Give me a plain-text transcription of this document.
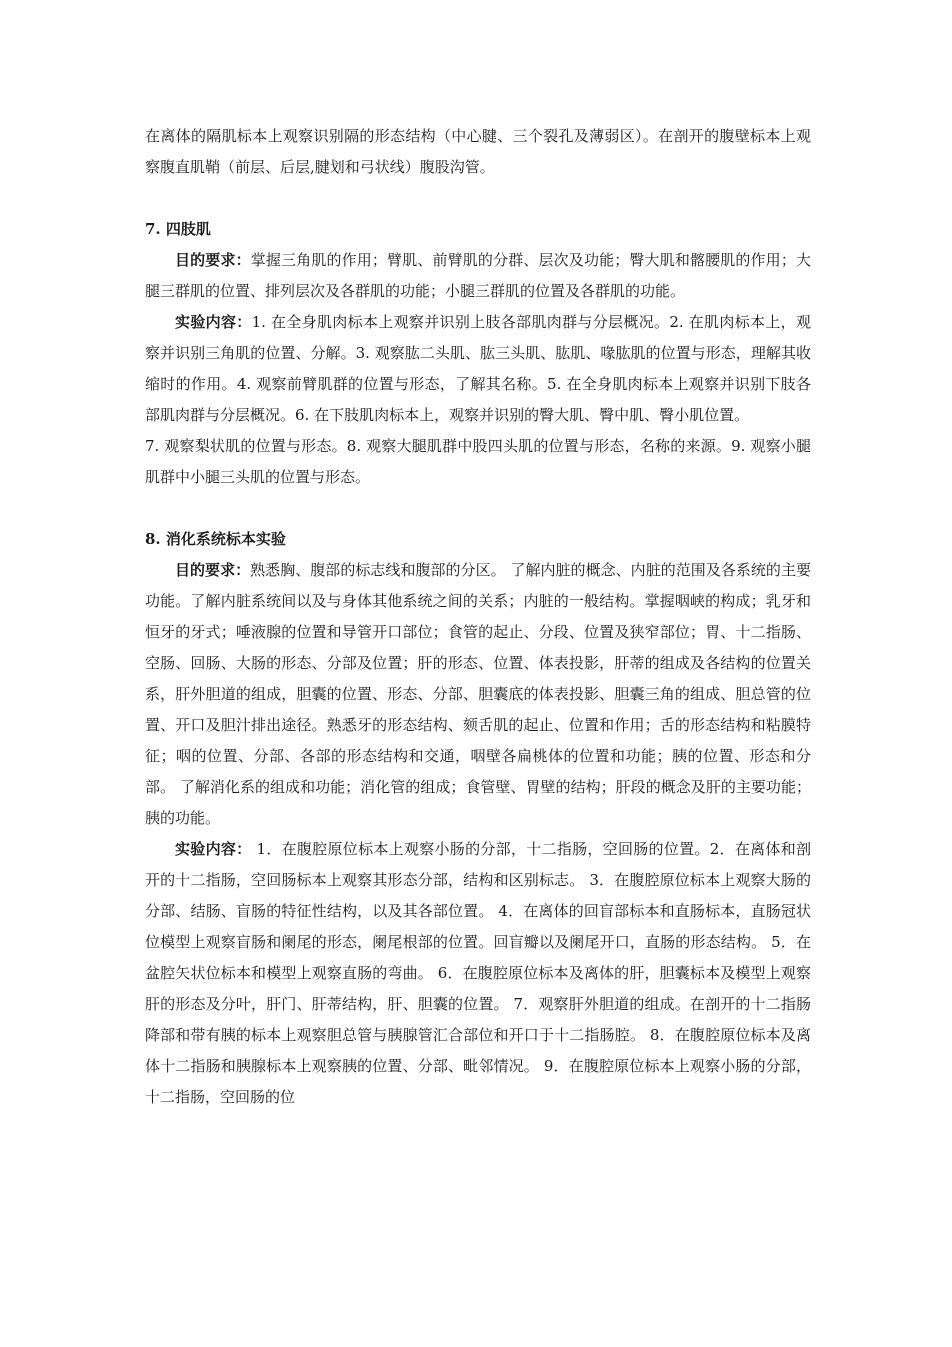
在离体的隔肌标本上观察识别隔的形态结构（中心腱、三个裂孔及薄弱区）。在剖开的腹壁标本上观察腹直肌鞘（前层、后层,腱划和弓状线）腹股沟管。

7. 四肢肌

目的要求：掌握三角肌的作用；臂肌、前臂肌的分群、层次及功能；臀大肌和髂腰肌的作用；大腿三群肌的位置、排列层次及各群肌的功能；小腿三群肌的位置及各群肌的功能。

实验内容：1. 在全身肌肉标本上观察并识别上肢各部肌肉群与分层概况。2. 在肌肉标本上，观察并识别三角肌的位置、分解。3. 观察肱二头肌、肱三头肌、肱肌、喙肱肌的位置与形态，理解其收缩时的作用。4. 观察前臂肌群的位置与形态，了解其名称。5. 在全身肌肉标本上观察并识别下肢各部肌肉群与分层概况。6. 在下肢肌肉标本上，观察并识别的臀大肌、臀中肌、臀小肌位置。

7. 观察梨状肌的位置与形态。8. 观察大腿肌群中股四头肌的位置与形态，名称的来源。9. 观察小腿肌群中小腿三头肌的位置与形态。

8. 消化系统标本实验

目的要求：熟悉胸、腹部的标志线和腹部的分区。 了解内脏的概念、内脏的范围及各系统的主要功能。了解内脏系统间以及与身体其他系统之间的关系；内脏的一般结构。掌握咽峡的构成；乳牙和恒牙的牙式；唾液腺的位置和导管开口部位；食管的起止、分段、位置及狭窄部位；胃、十二指肠、空肠、回肠、大肠的形态、分部及位置；肝的形态、位置、体表投影，肝蒂的组成及各结构的位置关系，肝外胆道的组成，胆囊的位置、形态、分部、胆囊底的体表投影、胆囊三角的组成、胆总管的位置、开口及胆汁排出途径。熟悉牙的形态结构、颏舌肌的起止、位置和作用；舌的形态结构和粘膜特征；咽的位置、分部、各部的形态结构和交通，咽壁各扁桃体的位置和功能；胰的位置、形态和分部。 了解消化系的组成和功能；消化管的组成；食管壁、胃壁的结构；肝段的概念及肝的主要功能；胰的功能。

实验内容： 1．在腹腔原位标本上观察小肠的分部，十二指肠，空回肠的位置。2．在离体和剖开的十二指肠，空回肠标本上观察其形态分部，结构和区别标志。 3．在腹腔原位标本上观察大肠的分部、结肠、盲肠的特征性结构，以及其各部位置。 4．在离体的回盲部标本和直肠标本，直肠冠状位模型上观察盲肠和阑尾的形态，阑尾根部的位置。回盲瓣以及阑尾开口，直肠的形态结构。 5．在盆腔矢状位标本和模型上观察直肠的弯曲。 6．在腹腔原位标本及离体的肝，胆囊标本及模型上观察肝的形态及分叶，肝门、肝蒂结构，肝、胆囊的位置。 7．观察肝外胆道的组成。在剖开的十二指肠降部和带有胰的标本上观察胆总管与胰腺管汇合部位和开口于十二指肠腔。 8．在腹腔原位标本及离体十二指肠和胰腺标本上观察胰的位置、分部、毗邻情况。 9．在腹腔原位标本上观察小肠的分部，十二指肠，空回肠的位
